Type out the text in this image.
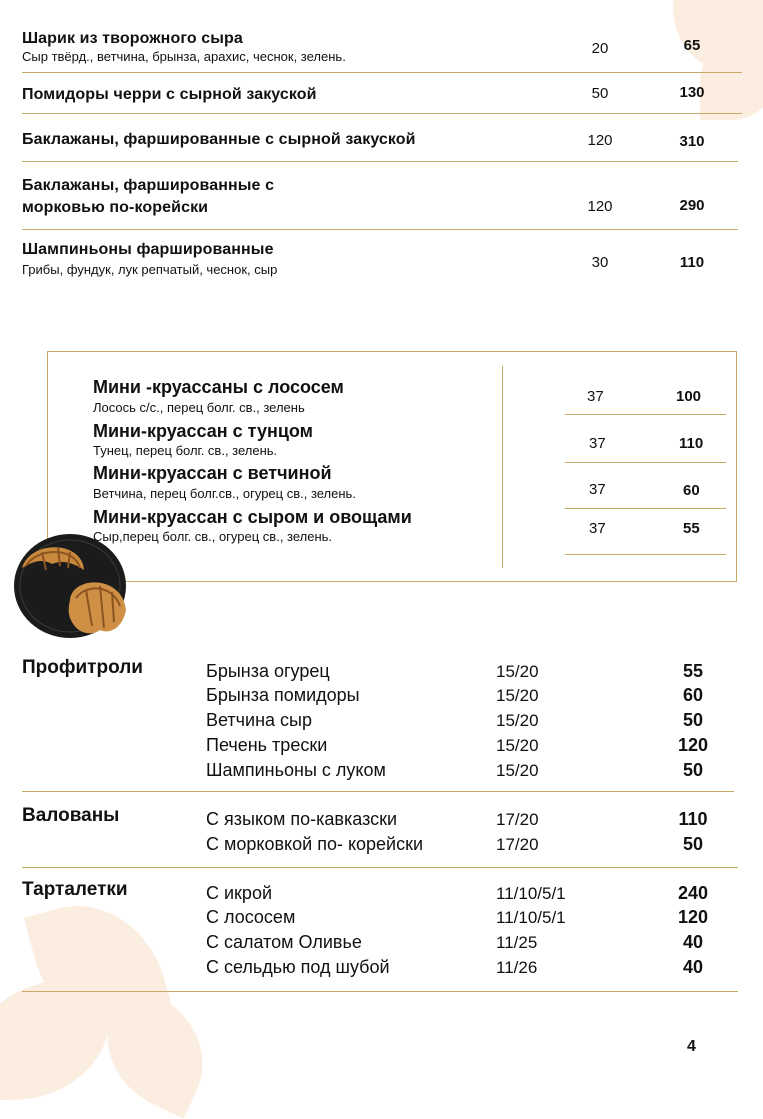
Шарик из творожного сыра
Сыр твёрд., ветчина, брынза, арахис, чеснок, зелень.	20	65
Помидоры черри с сырной закуской	50	130
Баклажаны, фаршированные с сырной закуской	120	310
Баклажаны, фаршированные с
морковью по-корейски	120	290
Шампиньоны фаршированные
Грибы, фундук, лук репчатый, чеснок, сыр	30	110
Мини -круассаны с лососем
Лосось с/с., перец болг. св., зелень
37	100
Мини-круассан с тунцом
Тунец, перец болг. св., зелень.	37	110
Мини-круассан с ветчиной
Ветчина, перец болг.св., огурец св., зелень.	37	60
Мини-круассан с сыром и овощами
Сыр,перец болг. св., огурец св., зелень.	37	55
Профитроли	Брынза огурец	15/20	55
Брынза помидоры	15/20	60
Ветчина сыр	15/20	50
Печень трески	15/20	120
Шампиньоны с луком	15/20	50
Валованы	С языком по-кавказски	17/20	110
С морковкой по- корейски	17/20	50
Тарталетки	С икрой	11/10/5/1	240
С лососем	11/10/5/1	120
С салатом Оливье	11/25	40
С сельдью под шубой	11/26	40
4
